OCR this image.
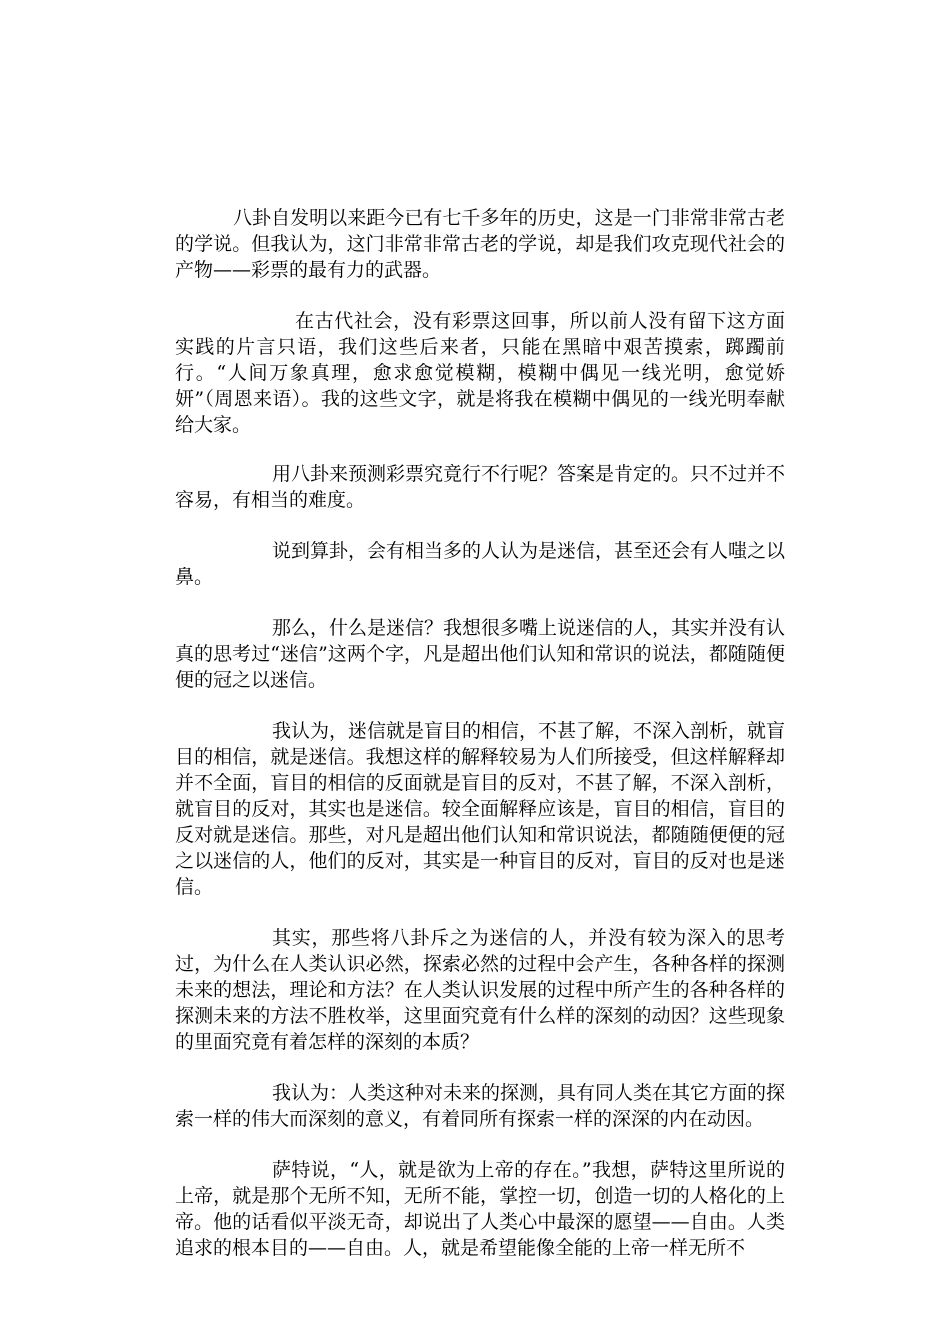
八卦自发明以来距今已有七千多年的历史，这是一门非常非常古老的学说。但我认为，这门非常非常古老的学说，却是我们攻克现代社会的产物——彩票的最有力的武器。

在古代社会，没有彩票这回事，所以前人没有留下这方面实践的片言只语，我们这些后来者，只能在黑暗中艰苦摸索，踯躅前行。“人间万象真理，愈求愈觉模糊，模糊中偶见一线光明，愈觉娇妍”（周恩来语）。我的这些文字，就是将我在模糊中偶见的一线光明奉献给大家。

用八卦来预测彩票究竟行不行呢？答案是肯定的。只不过并不容易，有相当的难度。

说到算卦，会有相当多的人认为是迷信，甚至还会有人嗤之以鼻。

那么，什么是迷信？我想很多嘴上说迷信的人，其实并没有认真的思考过“迷信”这两个字，凡是超出他们认知和常识的说法，都随随便便的冠之以迷信。

我认为，迷信就是盲目的相信，不甚了解，不深入剖析，就盲目的相信，就是迷信。我想这样的解释较易为人们所接受，但这样解释却并不全面，盲目的相信的反面就是盲目的反对，不甚了解，不深入剖析，就盲目的反对，其实也是迷信。较全面解释应该是，盲目的相信，盲目的反对就是迷信。那些，对凡是超出他们认知和常识说法，都随随便便的冠之以迷信的人，他们的反对，其实是一种盲目的反对，盲目的反对也是迷信。

其实，那些将八卦斥之为迷信的人，并没有较为深入的思考过，为什么在人类认识必然，探索必然的过程中会产生，各种各样的探测未来的想法，理论和方法？在人类认识发展的过程中所产生的各种各样的探测未来的方法不胜枚举，这里面究竟有什么样的深刻的动因？这些现象的里面究竟有着怎样的深刻的本质？

我认为：人类这种对未来的探测，具有同人类在其它方面的探索一样的伟大而深刻的意义，有着同所有探索一样的深深的内在动因。

萨特说，“人，就是欲为上帝的存在。”我想，萨特这里所说的上帝，就是那个无所不知，无所不能，掌控一切，创造一切的人格化的上帝。他的话看似平淡无奇，却说出了人类心中最深的愿望——自由。人类追求的根本目的——自由。人，就是希望能像全能的上帝一样无所不
